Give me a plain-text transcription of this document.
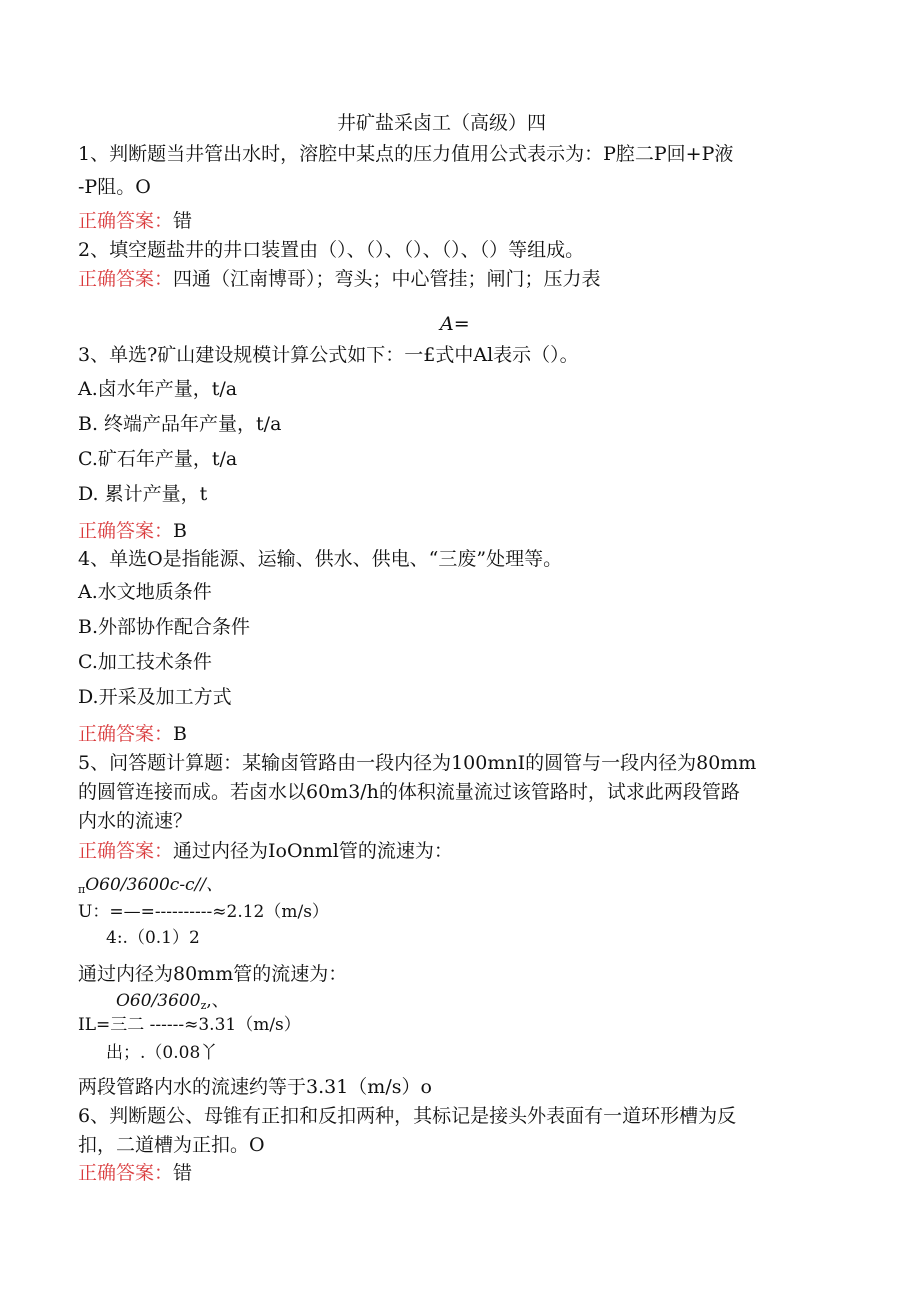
井矿盐采卤工（高级）四
1、判断题当井管出水时，溶腔中某点的压力值用公式表示为：P腔二P回+P液
-P阻。O
正确答案：错
2、填空题盐井的井口装置由（）、（）、（）、（）、（）等组成。
正确答案：四通（江南博哥）；弯头；中心管挂；闸门；压力表
A=
3、单选?矿山建设规模计算公式如下：一£式中Al表示（）。
A.卤水年产量，t/a
B. 终端产品年产量，t/a
C.矿石年产量，t/a
D. 累计产量，t
正确答案：B
4、单选O是指能源、运输、供水、供电、“三废”处理等。
A.水文地质条件
B.外部协作配合条件
C.加工技术条件
D.开采及加工方式
正确答案：B
5、问答题计算题：某输卤管路由一段内径为100mnI的圆管与一段内径为80mm
的圆管连接而成。若卤水以60m3∕h的体积流量流过该管路时，试求此两段管路
内水的流速？
正确答案：通过内径为IoOnml管的流速为：
$_\pi$O60/3600c-c//、
U：=—=----------≈2.12（m∕s）
4:.（0.1）2
通过内径为80mm管的流速为：
$O60/3600_z$,、
IL=三二 ------≈3.31（m∕s）
出；.（0.08丫
两段管路内水的流速约等于3.31（m∕s）o
6、判断题公、母锥有正扣和反扣两种，其标记是接头外表面有一道环形槽为反
扣，二道槽为正扣。O
正确答案：错
